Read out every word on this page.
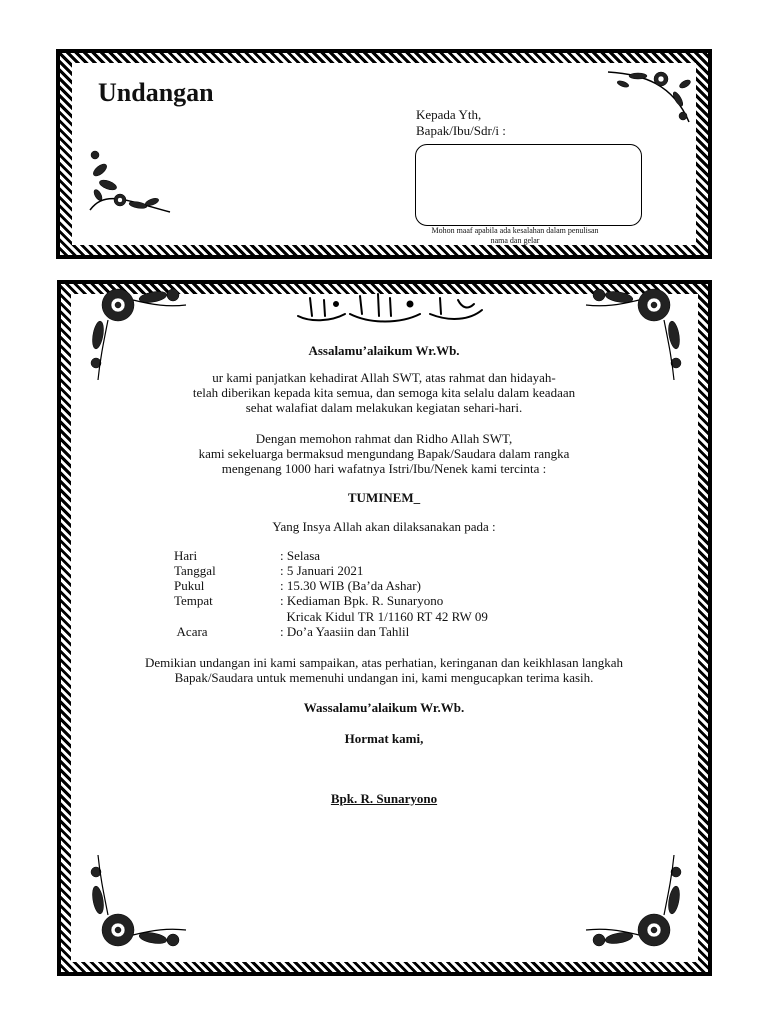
Undangan
Kepada Yth,
Bapak/Ibu/Sdr/i :
Mohon maaf apabila ada kesalahan dalam penulisan
nama dan gelar
Assalamu’alaikum Wr.Wb.
ur kami panjatkan kehadirat Allah SWT, atas rahmat dan hidayah-
telah diberikan kepada kita semua, dan semoga kita selalu dalam keadaan
sehat walafiat dalam melakukan kegiatan sehari-hari.
Dengan memohon rahmat dan Ridho Allah SWT,
kami sekeluarga bermaksud mengundang Bapak/Saudara dalam rangka
mengenang 1000 hari wafatnya Istri/Ibu/Nenek kami tercinta :
TUMINEM_
Yang Insya Allah akan dilaksanakan pada :
Hari	: Selasa
Tanggal	: 5 Januari 2021
Pukul	: 15.30 WIB (Ba’da Ashar)
Tempat	: Kediaman Bpk. R. Sunaryono
Kricak Kidul TR 1/1160 RT 42 RW 09
Acara	: Do’a Yaasiin dan Tahlil
Demikian undangan ini kami sampaikan, atas perhatian, keringanan dan keikhlasan langkah
Bapak/Saudara untuk memenuhi undangan ini, kami mengucapkan terima kasih.
Wassalamu’alaikum Wr.Wb.
Hormat kami,
Bpk. R. Sunaryono
